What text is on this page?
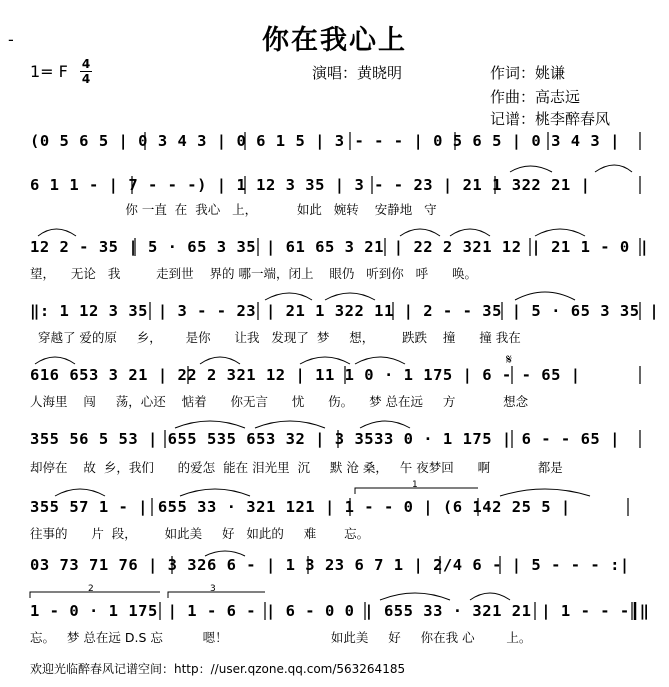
-	你在我心上
1= F 4
4	演唱：黄晓明	作词：姚谦
作曲：高志远
记谱：桃李醉春风
(0 5 6 5 | 0 3 4 3 | 0 6 1 5 | 3 - - - | 0 5 6 5 | 0 3 4 3 |
6 1 1 - | 7 - - -) | 1 12 3 35 | 3 - - 23 | 21 1 322 21 |
你 一直  在  我心   上，          如此   婉转    安静地   守
12 2 - 35 | 5 · 65 3 35 | 61 65 3 21 | 22 2 321 12 | 21 1 - 0 |
望，    无论   我         走到世    界的 哪一端，闭上    眼仍   听到你   呼      唤。
‖: 1 12 3 35 | 3 - - 23 | 21 1 322 11 | 2 - - 35 | 5 · 65 3 35 |
穿越了 爱的原     乡，      是你      让我   发现了  梦     想，       跌跌    撞      撞 我在
616 653 3 21 | 22 2 321 12 | 11 1 0 · 1 175 | 6 - - 65 |
人海里    闯     荡，心还    惦着      你无言      忧      伤。    梦 总在远     方            想念
355 56 5 53 | 655 535 653 32 | 3 3533 0 · 1 175 | 6 - - 65 |
却停在    故  乡，我们      的爱怎  能在 泪光里  沉     默 沧 桑，   午 夜梦回      啊            都是
355 57 1 - | 655 33 · 321 121 | 1 - - 0 | (6 142 25 5 |
往事的      片  段，       如此美     好   如此的     难       忘。
03 73 71 76 | 3 326 6 - | 1 3 23 6 7 1 | 2/4 6 - | 5 - - - :|
1 - 0 · 1 175 | 1 - 6 - | 6 - 0 0 | 655 33 · 321 21 | 1 - - - ‖
忘。   梦 总在远 D.S 忘          嗯！                          如此美     好     你在我 心        上。
1
2	3
𝄋
欢迎光临醉春风记谱空间：http：//user.qzone.qq.com/563264185
